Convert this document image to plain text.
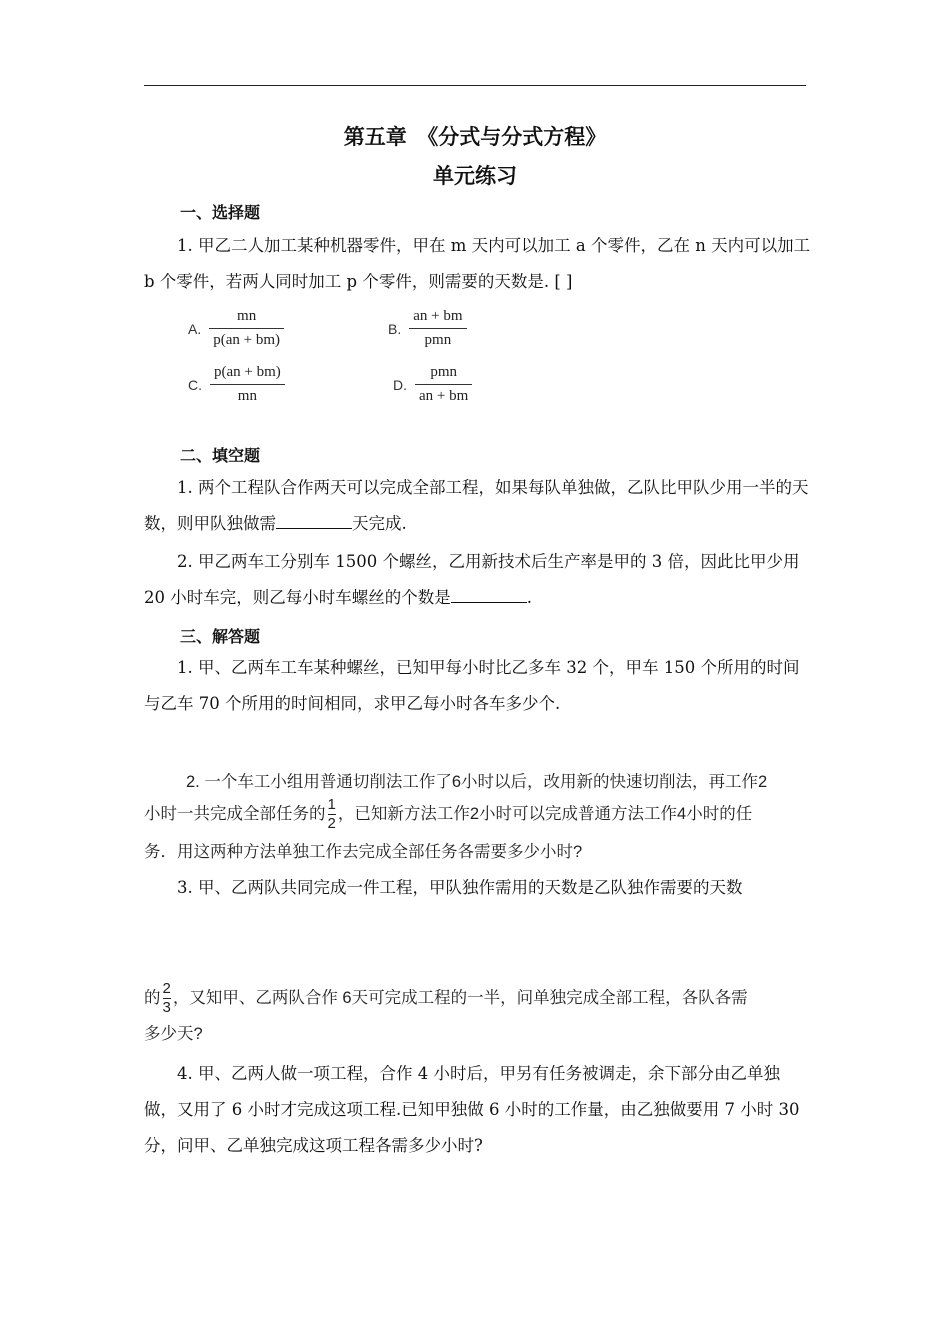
第五章　《分式与分式方程》
单元练习
一、选择题
1. 甲乙二人加工某种机器零件，甲在 m 天内可以加工 a 个零件，乙在 n 天内可以加工 b 个零件，若两人同时加工 p 个零件，则需要的天数是. [ ]
A. $\frac{mn}{p(an + bm)}$	B. $\frac{an + bm}{\text{pmn}}$
C. $\frac{p(an + bm)}{mn}$	D. $\frac{\text{pmn}}{an + bm}$
二、填空题
1. 两个工程队合作两天可以完成全部工程，如果每队单独做，乙队比甲队少用一半的天数，则甲队独做需	天完成.
2. 甲乙两车工分别车 1500 个螺丝，乙用新技术后生产率是甲的 3 倍，因此比甲少用 20 小时车完，则乙每小时车螺丝的个数是	.
三、解答题
1. 甲、乙两车工车某种螺丝，已知甲每小时比乙多车 32 个，甲车 150 个所用的时间与乙车 70 个所用的时间相同，求甲乙每小时各车多少个.
2. 一个车工小组用普通切削法工作了6小时以后，改用新的快速切削法，再工作2
小时一共完成全部任务的 $\frac{1}{2}$ ，已知新方法工作2小时可以完成普通方法工作4小时的任
务．用这两种方法单独工作去完成全部任务各需要多少小时?
3. 甲、乙两队共同完成一件工程，甲队独作需用的天数是乙队独作需要的天数
的 $\frac{2}{3}$ ，又知甲、乙两队合作 6天可完成工程的一半，问单独完成全部工程，各队各需
多少天?
4. 甲、乙两人做一项工程，合作 4 小时后，甲另有任务被调走，余下部分由乙单独做，又用了 6 小时才完成这项工程.已知甲独做 6 小时的工作量，由乙独做要用 7 小时 30 分，问甲、乙单独完成这项工程各需多少小时?
